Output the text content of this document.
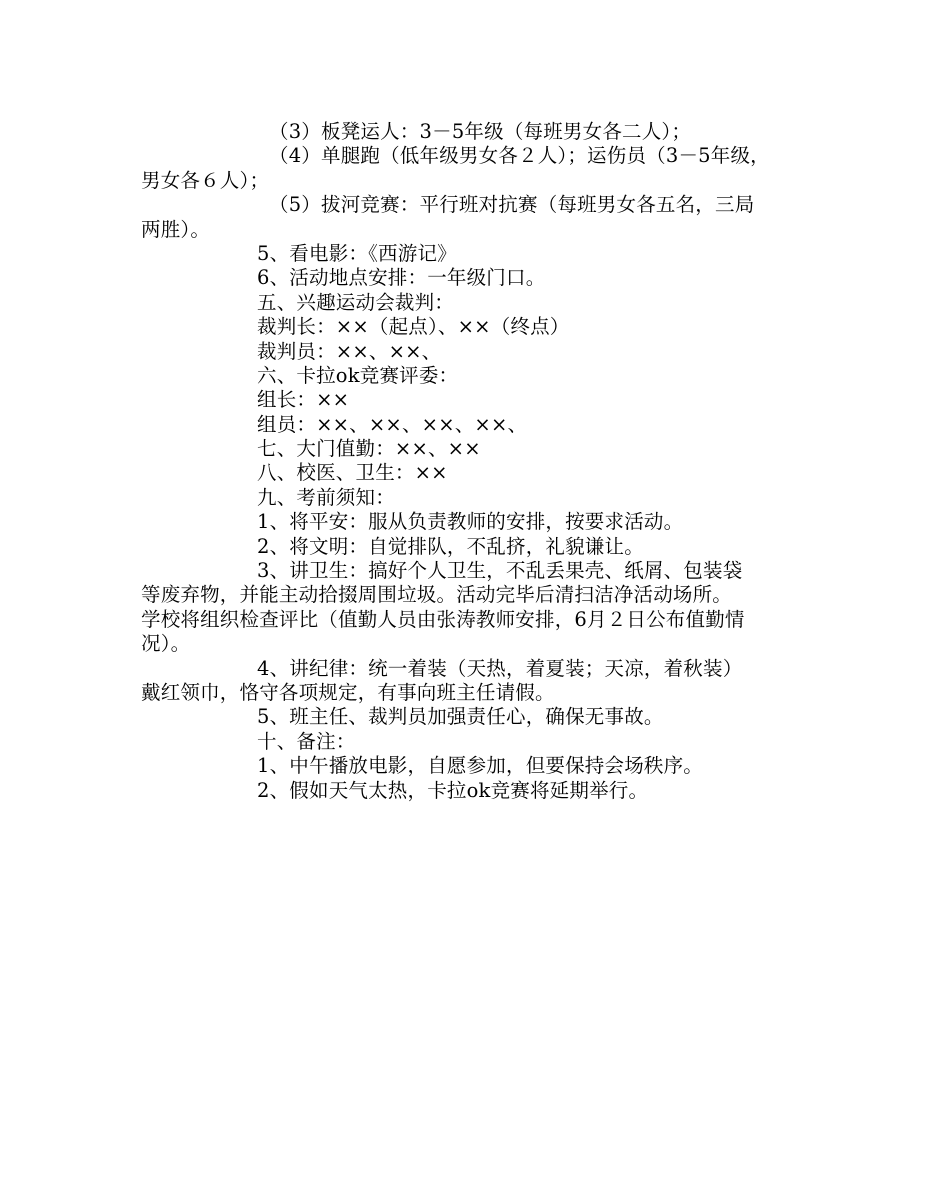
（3）板凳运人：3－5年级（每班男女各二人）；
（4）单腿跑（低年级男女各２人）；运伤员（3－5年级，
男女各６人）；
（5）拔河竞赛：平行班对抗赛（每班男女各五名，三局
两胜）。
5、看电影：《西游记》
6、活动地点安排：一年级门口。
五、兴趣运动会裁判：
裁判长：××（起点）、××（终点）
裁判员：××、××、
六、卡拉ok竞赛评委：
组长：××
组员：××、××、××、××、
七、大门值勤：××、××
八、校医、卫生：××
九、考前须知：
1、将平安：服从负责教师的安排，按要求活动。
2、将文明：自觉排队，不乱挤，礼貌谦让。
3、讲卫生：搞好个人卫生，不乱丢果壳、纸屑、包装袋
等废弃物，并能主动拾掇周围垃圾。活动完毕后清扫洁净活动场所。
学校将组织检查评比（值勤人员由张涛教师安排，6月２日公布值勤情
况）。
4、讲纪律：统一着装（天热，着夏装；天凉，着秋装）
戴红领巾，恪守各项规定，有事向班主任请假。
5、班主任、裁判员加强责任心，确保无事故。
十、备注：
1、中午播放电影，自愿参加，但要保持会场秩序。
2、假如天气太热，卡拉ok竞赛将延期举行。
